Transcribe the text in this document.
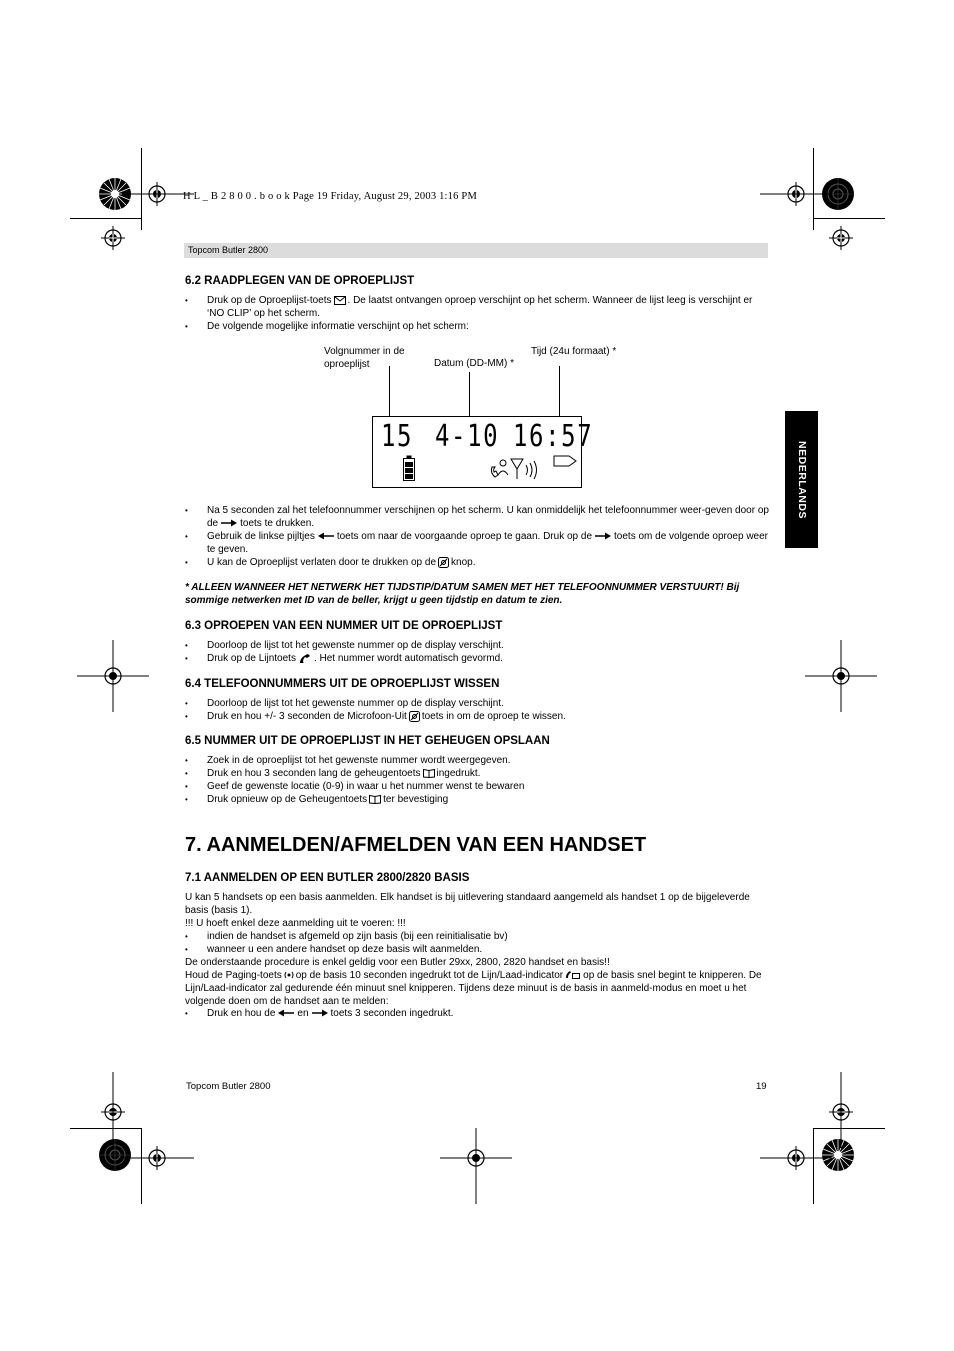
H L _ B 2 8 0 0 . b o o k Page 19 Friday, August 29, 2003 1:16 PM
Topcom Butler 2800
NEDERLANDS
6.2 RAADPLEGEN VAN DE OPROEPLIJST
• Druk op de Oproeplijst-toets . De laatst ontvangen oproep verschijnt op het scherm. Wanneer de lijst leeg is verschijnt er ‘NO CLIP’ op het scherm.
• De volgende mogelijke informatie verschijnt op het scherm:
Volgnummer in de
oproeplijst	Datum (DD-MM) *
Tijd (24u formaat) *
15 4-10 16:57
• Na 5 seconden zal het telefoonnummer verschijnen op het scherm. U kan onmiddelijk het telefoonnummer weer-geven door op de toets te drukken.
• Gebruik de linkse pijltjes toets om naar de voorgaande oproep te gaan. Druk op de toets om de volgende oproep weer te geven.
• U kan de Oproeplijst verlaten door te drukken op de knop.
* ALLEEN WANNEER HET NETWERK HET TIJDSTIP/DATUM SAMEN MET HET TELEFOONNUMMER VERSTUURT! Bij sommige netwerken met ID van de beller, krijgt u geen tijdstip en datum te zien.
6.3 OPROEPEN VAN EEN NUMMER UIT DE OPROEPLIJST
• Doorloop de lijst tot het gewenste nummer op de display verschijnt.
• Druk op de Lijntoets . Het nummer wordt automatisch gevormd.
6.4 TELEFOONNUMMERS UIT DE OPROEPLIJST WISSEN
• Doorloop de lijst tot het gewenste nummer op de display verschijnt.
• Druk en hou +/- 3 seconden de Microfoon-Uit toets in om de oproep te wissen.
6.5 NUMMER UIT DE OPROEPLIJST IN HET GEHEUGEN OPSLAAN
• Zoek in de oproeplijst tot het gewenste nummer wordt weergegeven.
• Druk en hou 3 seconden lang de geheugentoets ingedrukt.
• Geef de gewenste locatie (0-9) in waar u het nummer wenst te bewaren
• Druk opnieuw op de Geheugentoets ter bevestiging
7. AANMELDEN/AFMELDEN VAN EEN HANDSET
7.1 AANMELDEN OP EEN BUTLER 2800/2820 BASIS
U kan 5 handsets op een basis aanmelden. Elk handset is bij uitlevering standaard aangemeld als handset 1 op de bijgeleverde basis (basis 1).
!!! U hoeft enkel deze aanmelding uit te voeren: !!!
• indien de handset is afgemeld op zijn basis (bij een reinitialisatie bv)
• wanneer u een andere handset op deze basis wilt aanmelden.
De onderstaande procedure is enkel geldig voor een Butler 29xx, 2800, 2820 handset en basis!!
Houd de Paging-toets op de basis 10 seconden ingedrukt tot de Lijn/Laad-indicator op de basis snel begint te knipperen. De Lijn/Laad-indicator zal gedurende één minuut snel knipperen. Tijdens deze minuut is de basis in aanmeld-modus en moet u het volgende doen om de handset aan te melden:
• Druk en hou de en toets 3 seconden ingedrukt.
Topcom Butler 2800	19
